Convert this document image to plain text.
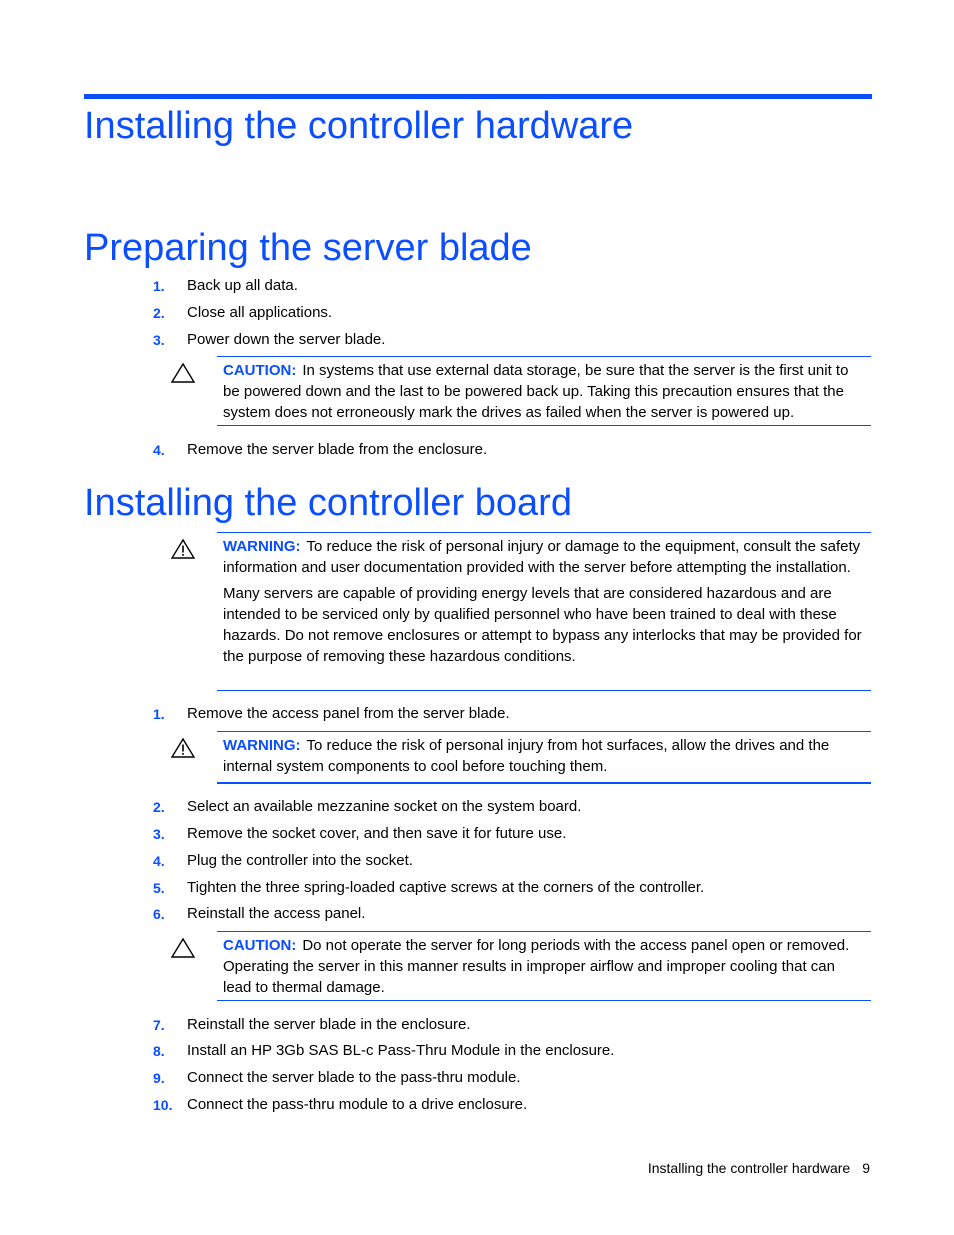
Installing the controller hardware
Preparing the server blade
1. Back up all data.
2. Close all applications.
3. Power down the server blade.

CAUTION: In systems that use external data storage, be sure that the server is the first unit to be powered down and the last to be powered back up. Taking this precaution ensures that the system does not erroneously mark the drives as failed when the server is powered up.

4. Remove the server blade from the enclosure.
Installing the controller board

WARNING: To reduce the risk of personal injury or damage to the equipment, consult the safety information and user documentation provided with the server before attempting the installation.

Many servers are capable of providing energy levels that are considered hazardous and are intended to be serviced only by qualified personnel who have been trained to deal with these hazards. Do not remove enclosures or attempt to bypass any interlocks that may be provided for the purpose of removing these hazardous conditions.

1. Remove the access panel from the server blade.

WARNING: To reduce the risk of personal injury from hot surfaces, allow the drives and the internal system components to cool before touching them.

2. Select an available mezzanine socket on the system board.
3. Remove the socket cover, and then save it for future use.
4. Plug the controller into the socket.
5. Tighten the three spring-loaded captive screws at the corners of the controller.
6. Reinstall the access panel.

CAUTION: Do not operate the server for long periods with the access panel open or removed. Operating the server in this manner results in improper airflow and improper cooling that can lead to thermal damage.

7. Reinstall the server blade in the enclosure.
8. Install an HP 3Gb SAS BL-c Pass-Thru Module in the enclosure.
9. Connect the server blade to the pass-thru module.
10. Connect the pass-thru module to a drive enclosure.
Installing the controller hardware 9
